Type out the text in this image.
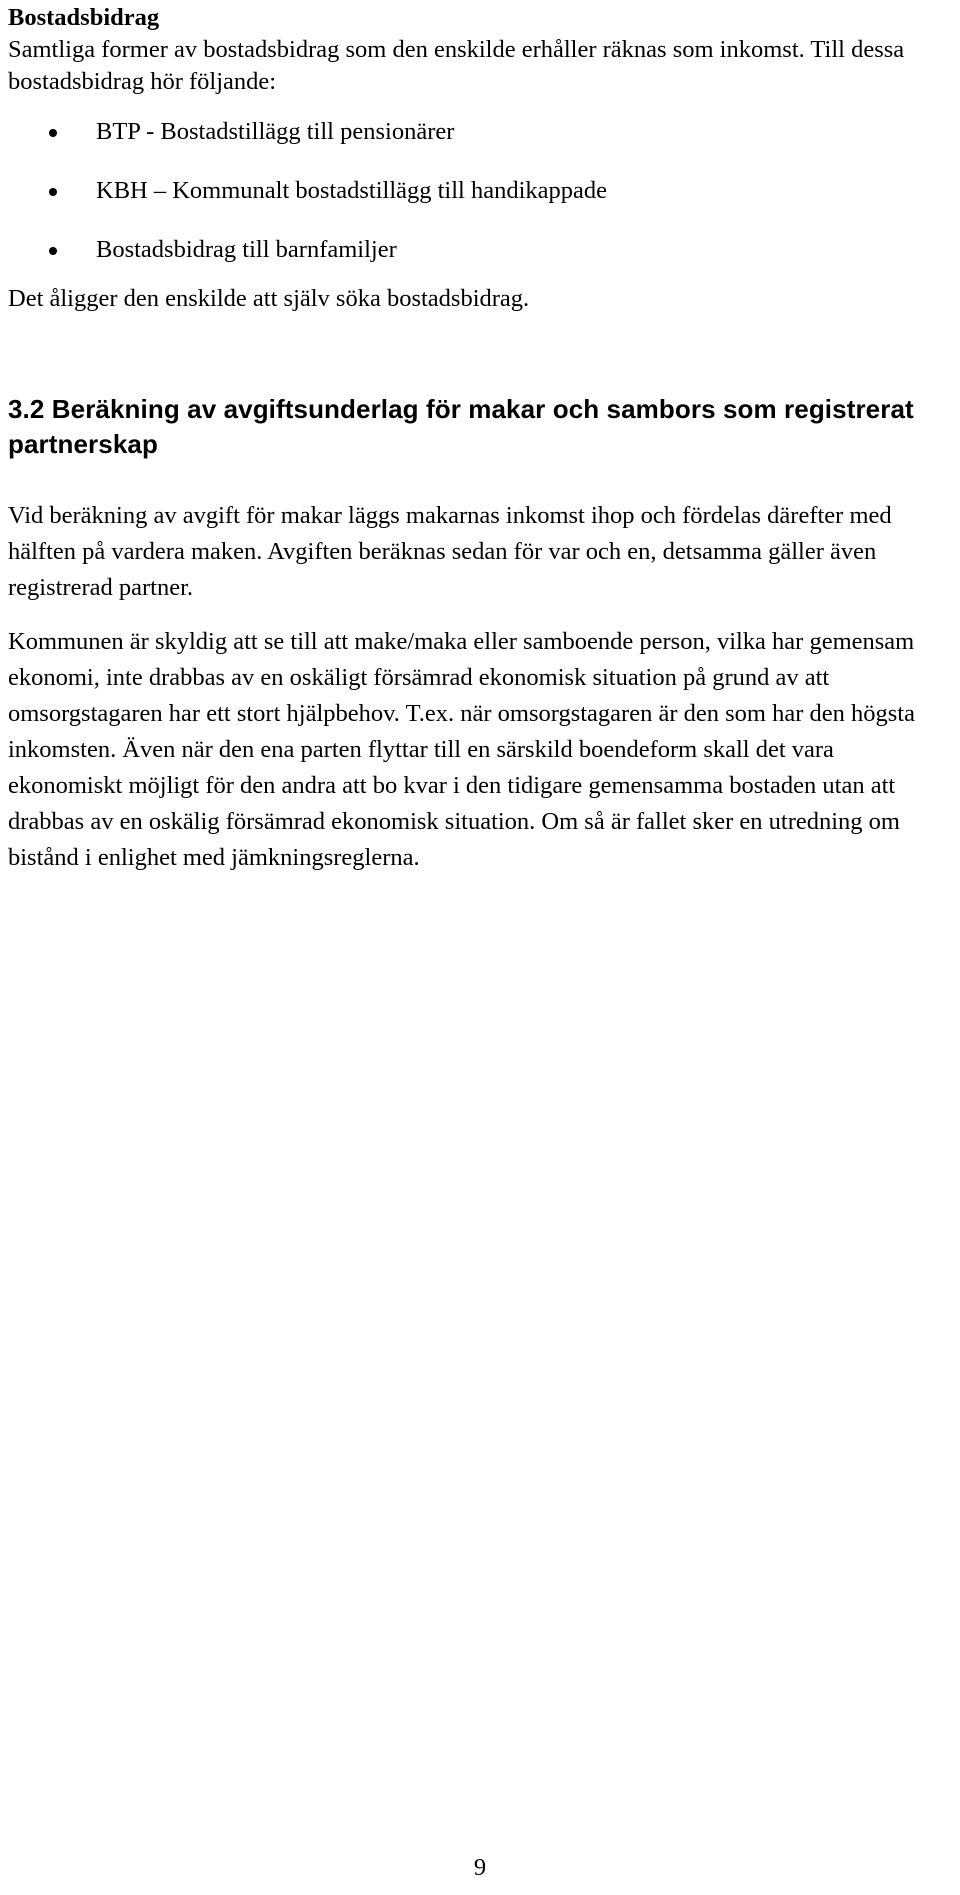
Bostadsbidrag

Samtliga former av bostadsbidrag som den enskilde erhåller räknas som inkomst. Till dessa bostadsbidrag hör följande:

BTP - Bostadstillägg till pensionärer
KBH – Kommunalt bostadstillägg till handikappade
Bostadsbidrag till barnfamiljer

Det åligger den enskilde att själv söka bostadsbidrag.

3.2 Beräkning av avgiftsunderlag för makar och sambors som registrerat partnerskap

Vid beräkning av avgift för makar läggs makarnas inkomst ihop och fördelas därefter med hälften på vardera maken. Avgiften beräknas sedan för var och en, detsamma gäller även registrerad partner.

Kommunen är skyldig att se till att make/maka eller samboende person, vilka har gemensam ekonomi, inte drabbas av en oskäligt försämrad ekonomisk situation på grund av att omsorgstagaren har ett stort hjälpbehov. T.ex. när omsorgstagaren är den som har den högsta inkomsten. Även när den ena parten flyttar till en särskild boendeform skall det vara ekonomiskt möjligt för den andra att bo kvar i den tidigare gemensamma bostaden utan att drabbas av en oskälig försämrad ekonomisk situation. Om så är fallet sker en utredning om bistånd i enlighet med jämkningsreglerna.

9
